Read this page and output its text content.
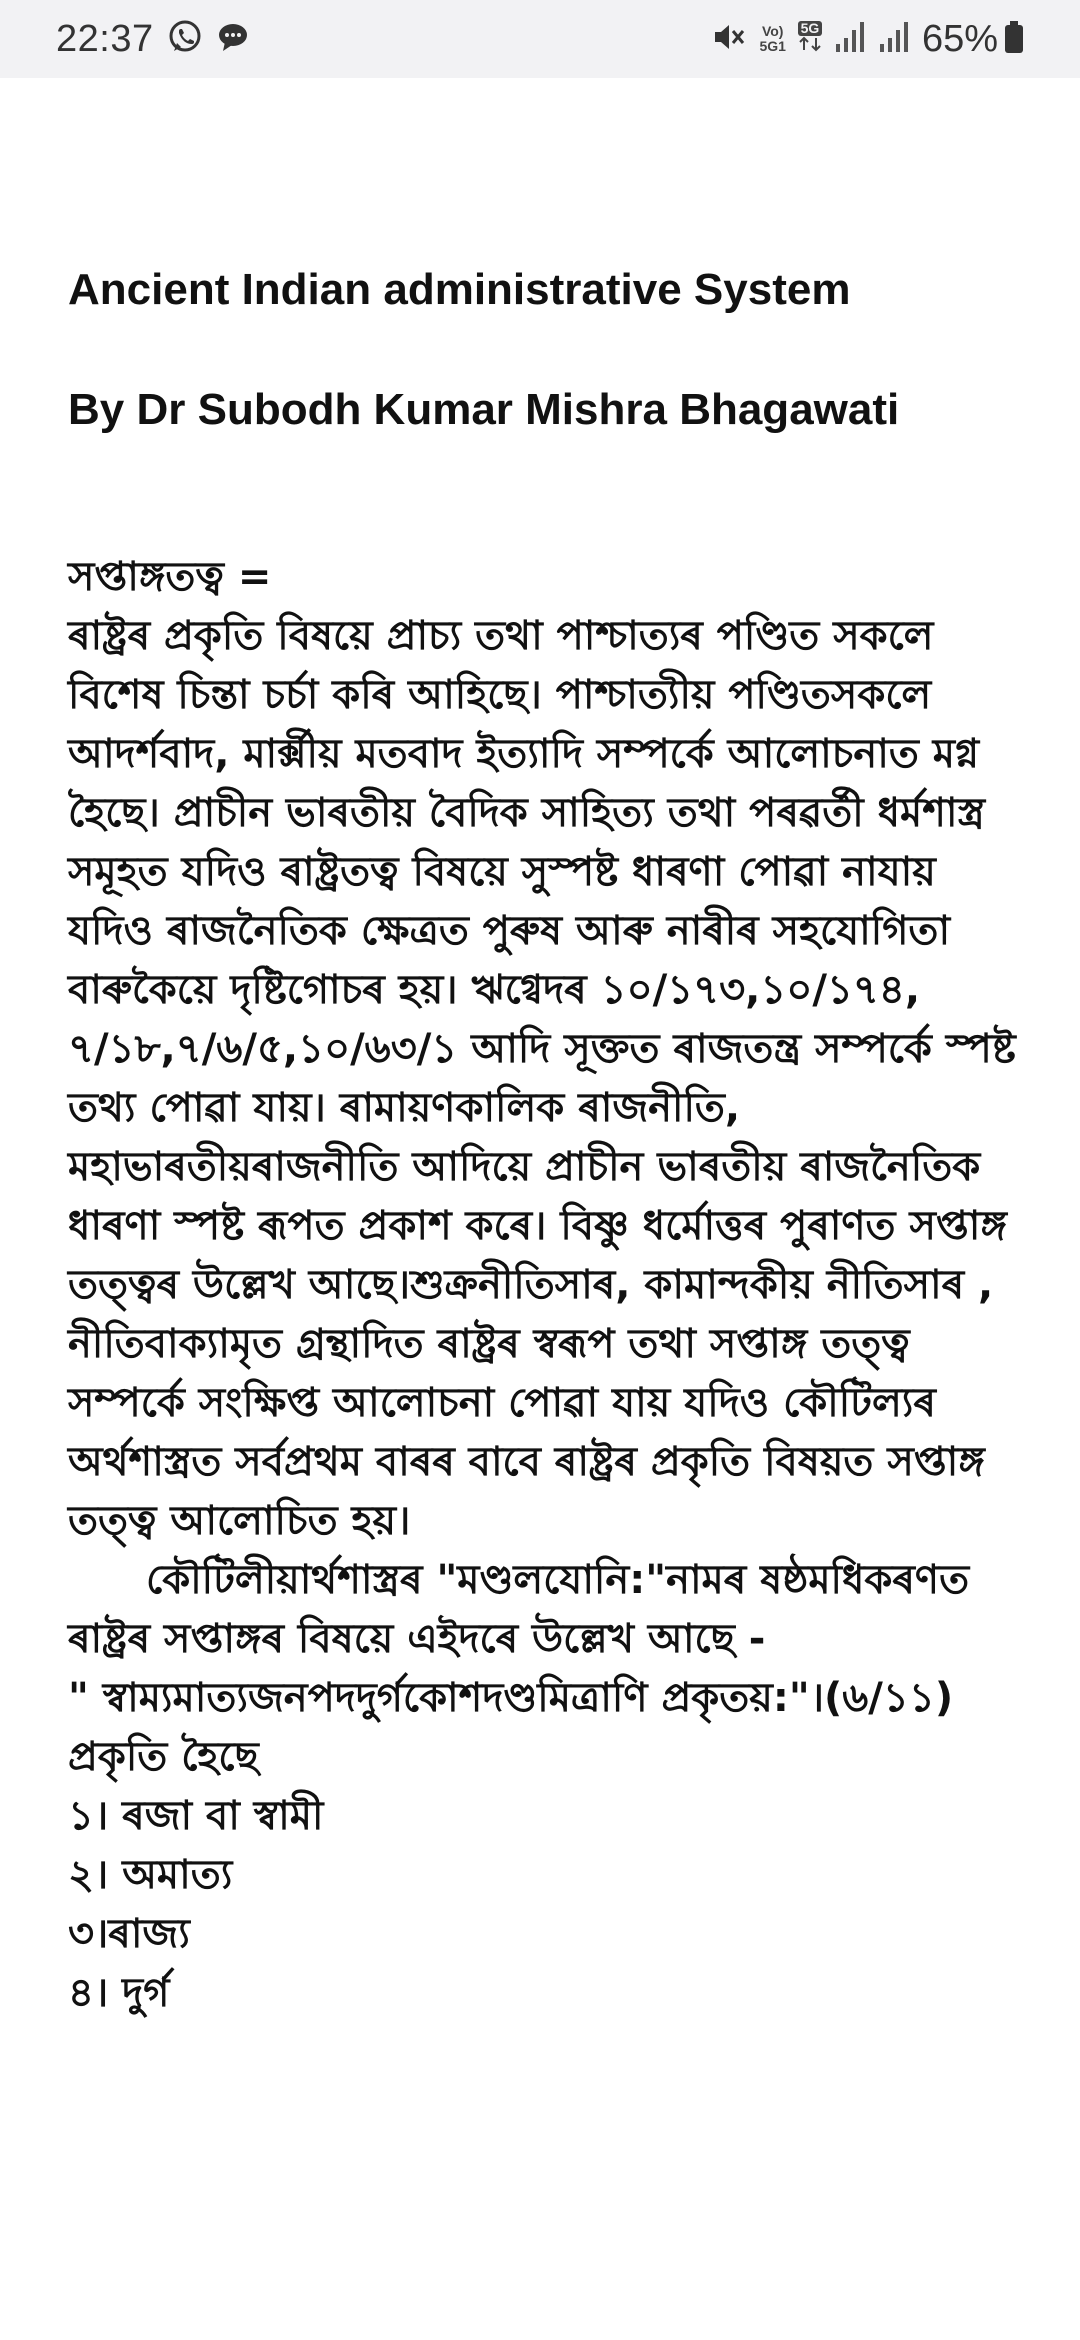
22:37	Vo)
5G1
5G	65%
Ancient Indian administrative System
By Dr Subodh Kumar Mishra Bhagawati

সপ্তাঙ্গতত্ব =

ৰাষ্ট্ৰৰ প্ৰকৃতি বিষয়ে প্ৰাচ্য তথা পাশ্চাত্যৰ পণ্ডিত সকলে বিশেষ চিন্তা চৰ্চা কৰি আহিছে। পাশ্চাত্যীয় পণ্ডিতসকলে আদৰ্শবাদ, মাৰ্ক্সীয় মতবাদ ইত্যাদি সম্পৰ্কে আলোচনাত মগ্ন হৈছে। প্ৰাচীন ভাৰতীয় বৈদিক সাহিত্য তথা পৰৱৰ্তী ধৰ্মশাস্ত্ৰ সমূহত যদিও ৰাষ্ট্ৰতত্ব বিষয়ে সুস্পষ্ট ধাৰণা পোৱা নাযায় যদিও ৰাজনৈতিক ক্ষেত্ৰত পুৰুষ আৰু নাৰীৰ সহযোগিতা বাৰুকৈয়ে দৃষ্টিগোচৰ হয়। ঋগ্বেদৰ ১০/১৭৩,১০/১৭৪, ৭/১৮,৭/৬/৫,১০/৬৩/১ আদি সূক্তত ৰাজতন্ত্ৰ সম্পৰ্কে স্পষ্ট তথ্য পোৱা যায়। ৰামায়ণকালিক ৰাজনীতি, মহাভাৰতীয়ৰাজনীতি আদিয়ে প্ৰাচীন ভাৰতীয় ৰাজনৈতিক ধাৰণা স্পষ্ট ৰূপত প্ৰকাশ কৰে। বিষ্ণু ধৰ্মোত্তৰ পুৰাণত সপ্তাঙ্গ তত্ত্বৰ উল্লেখ আছে।শুক্ৰনীতিসাৰ, কামান্দকীয় নীতিসাৰ , নীতিবাক্যামৃত গ্ৰন্থাদিত ৰাষ্ট্ৰৰ স্বৰূপ তথা সপ্তাঙ্গ তত্ত্ব সম্পৰ্কে সংক্ষিপ্ত আলোচনা পোৱা যায় যদিও কৌটিল্যৰ অৰ্থশাস্ত্ৰত সৰ্বপ্ৰথম বাৰৰ বাবে ৰাষ্ট্ৰৰ প্ৰকৃতি বিষয়ত সপ্তাঙ্গ তত্ত্ব আলোচিত হয়।

কৌটিলীয়াৰ্থশাস্ত্ৰৰ "মণ্ডলযোনি:"নামৰ ষষ্ঠমধিকৰণত ৰাষ্ট্ৰৰ সপ্তাঙ্গৰ বিষয়ে এইদৰে উল্লেখ আছে -

" স্বাম্যমাত্যজনপদদুৰ্গকোশদণ্ডমিত্ৰাণি প্ৰকৃতয়:"।(৬/১১)

প্ৰকৃতি হৈছে

১। ৰজা বা স্বামী

২। অমাত্য

৩।ৰাজ্য

৪। দুৰ্গ
